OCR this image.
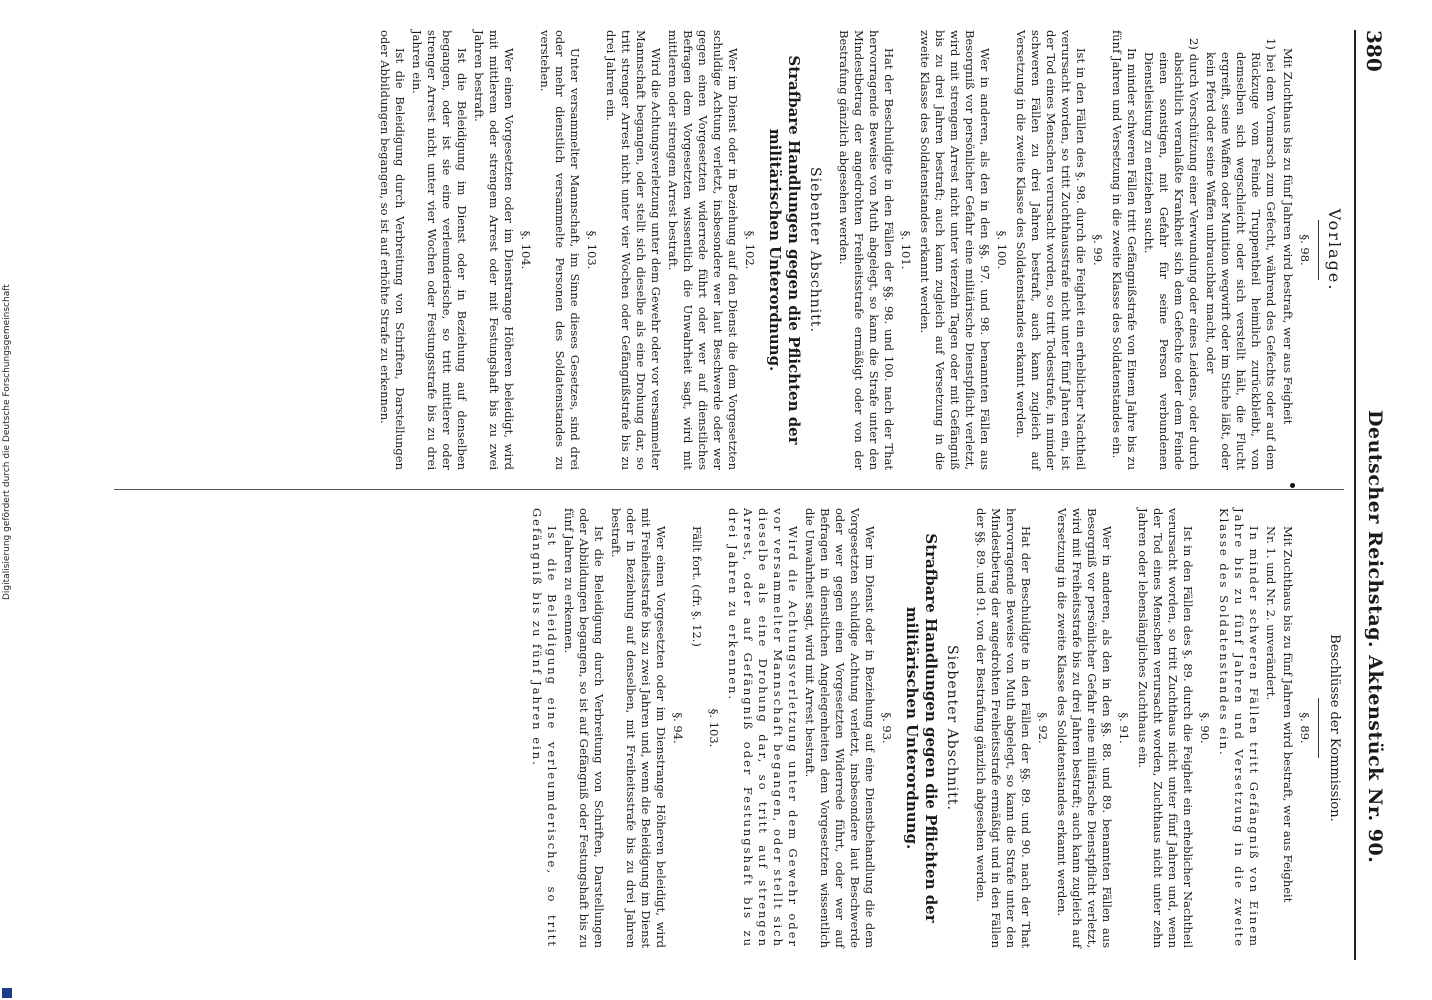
380
Deutscher Reichstag. Aktenstück Nr. 90.
Vorlage.
§. 98.
Mit Zuchthaus bis zu fünf Jahren wird bestraft, wer aus Feigheit
1) bei dem Vormarsch zum Gefecht, während des Gefechts oder auf dem Rückzuge vom Feinde Truppentheil heimlich zurückbleibt, von demselben sich wegschleicht oder sich verstellt hält, die Flucht ergreift, seine Waffen oder Munition wegwirft oder im Stiche läßt, oder kein Pferd oder seine Waffen unbrauchbar macht, oder
2) durch Vorschützung einer Verwundung oder eines Leidens, oder durch absichtlich veranlaßte Krankheit sich dem Gefechte oder dem Feinde einen sonstigen, mit Gefahr für seine Person verbundenen Dienstleistung zu entziehen sucht.
In minder schweren Fällen tritt Gefängnißstrafe von Einem Jahre bis zu fünf Jahren und Versetzung in die zweite Klasse des Soldatenstandes ein.
§. 99.
Ist in den Fällen des §. 98. durch die Feigheit ein erheblicher Nachtheil verursacht worden, so tritt Zuchthausstrafe nicht unter fünf Jahren ein, ist der Tod eines Menschen verursacht worden, so tritt Todesstrafe, in minder schweren Fällen zu drei Jahren bestraft, auch kann zugleich auf Versetzung in die zweite Klasse des Soldatenstandes erkannt werden.
§. 100.
Wer in anderen, als den in den §§. 97. und 98. benannten Fällen aus Besorgniß vor persönlicher Gefahr eine militärische Dienstpflicht verletzt, wird mit strengem Arrest nicht unter vierzehn Tagen oder mit Gefängniß bis zu drei Jahren bestraft; auch kann zugleich auf Versetzung in die zweite Klasse des Soldatenstandes erkannt werden.
§. 101.
Hat der Beschuldigte in den Fällen der §§. 98. und 100. nach der That hervorragende Beweise von Muth abgelegt, so kann die Strafe unter den Mindestbetrag der angedrohten Freiheitsstrafe ermäßigt oder von der Bestrafung gänzlich abgesehen werden.
Siebenter Abschnitt.
Strafbare Handlungen gegen die Pflichten der militärischen Unterordnung.
§. 102.
Wer im Dienst oder in Beziehung auf den Dienst die dem Vorgesetzten schuldige Achtung verletzt, insbesondere wer laut Beschwerde oder wer gegen einen Vorgesetzten widerrede führt oder wer auf dienstliches Befragen dem Vorgesetzten wissentlich die Unwahrheit sagt, wird mit mittlerem oder strengem Arrest bestraft.
Wird die Achtungsverletzung unter dem Gewehr oder vor versammelter Mannschaft begangen, oder stellt sich dieselbe als eine Drohung dar, so tritt strenger Arrest nicht unter vier Wochen oder Gefängnißstrafe bis zu drei Jahren ein.
§. 103.
Unter versammelter Mannschaft, im Sinne dieses Gesetzes, sind drei oder mehr dienstlich versammelte Personen des Soldatenstandes zu verstehen.
§. 104.
Wer einen Vorgesetzten oder im Dienstrange Höheren beleidigt, wird mit mittlerem oder strengem Arrest oder mit Festungshaft bis zu zwei Jahren bestraft.
Ist die Beleidigung im Dienst oder in Beziehung auf denselben begangen, oder ist sie eine verleumderische, so tritt mittlerer oder strenger Arrest nicht unter vier Wochen oder Festungsstrafe bis zu drei Jahren ein.
Ist die Beleidigung durch Verbreitung von Schriften, Darstellungen oder Abbildungen begangen, so ist auf erhöhte Strafe zu erkennen.
Beschlüsse der Kommission.
§. 89.
Mit Zuchthaus bis zu fünf Jahren wird bestraft, wer aus Feigheit
Nr. 1. und Nr. 2. unverändert.
In minder schweren Fällen tritt Gefängniß von Einem Jahre bis zu fünf Jahren und Versetzung in die zweite Klasse des Soldatenstandes ein.
§. 90.
Ist in den Fällen des §. 89. durch die Feigheit ein erheblicher Nachtheil verursacht worden, so tritt Zuchthaus nicht unter fünf Jahren und, wenn der Tod eines Menschen verursacht worden, Zuchthaus nicht unter zehn Jahren oder lebenslängliches Zuchthaus ein.
§. 91.
Wer in anderen, als den in den §§. 88. und 89. benannten Fällen aus Besorgniß vor persönlicher Gefahr eine militärische Dienstpflicht verletzt, wird mit Freiheitsstrafe bis zu drei Jahren bestraft; auch kann zugleich auf Versetzung in die zweite Klasse des Soldatenstandes erkannt werden.
§. 92.
Hat der Beschuldigte in den Fällen der §§. 89. und 90. nach der That hervorragende Beweise von Muth abgelegt, so kann die Strafe unter den Mindestbetrag der angedrohten Freiheitsstrafe ermäßigt und in den Fällen der §§. 89. und 91. von der Bestrafung gänzlich abgesehen werden.
Siebenter Abschnitt.
Strafbare Handlungen gegen die Pflichten der militärischen Unterordnung.
§. 93.
Wer im Dienst oder in Beziehung auf eine Dienstbehandlung die dem Vorgesetzten schuldige Achtung verletzt, insbesondere laut Beschwerde oder wer gegen einen Vorgesetzten Widerrede führt, oder wer auf Befragen in dienstlichen Angelegenheiten dem Vorgesetzten wissentlich die Unwahrheit sagt, wird mit Arrest bestraft.
Wird die Achtungsverletzung unter dem Gewehr oder vor versammelter Mannschaft begangen, oder stellt sich dieselbe als eine Drohung dar, so tritt auf strengen Arrest, oder auf Gefängniß oder Festungshaft bis zu drei Jahren zu erkennen.
§. 103.
Fällt fort. (cfr. §. 12.)
§. 94.
Wer einen Vorgesetzten oder im Dienstrange Höheren beleidigt, wird mit Freiheitsstrafe bis zu zwei Jahren und, wenn die Beleidigung im Dienst oder in Beziehung auf denselben, mit Freiheitsstrafe bis zu drei Jahren bestraft.
Ist die Beleidigung durch Verbreitung von Schriften, Darstellungen oder Abbildungen begangen, so ist auf Gefängniß oder Festungshaft bis zu fünf Jahren zu erkennen.
Ist die Beleidigung eine verleumderische, so tritt Gefängniß bis zu fünf Jahren ein.
Digitalisierung gefördert durch die Deutsche Forschungsgemeinschaft
